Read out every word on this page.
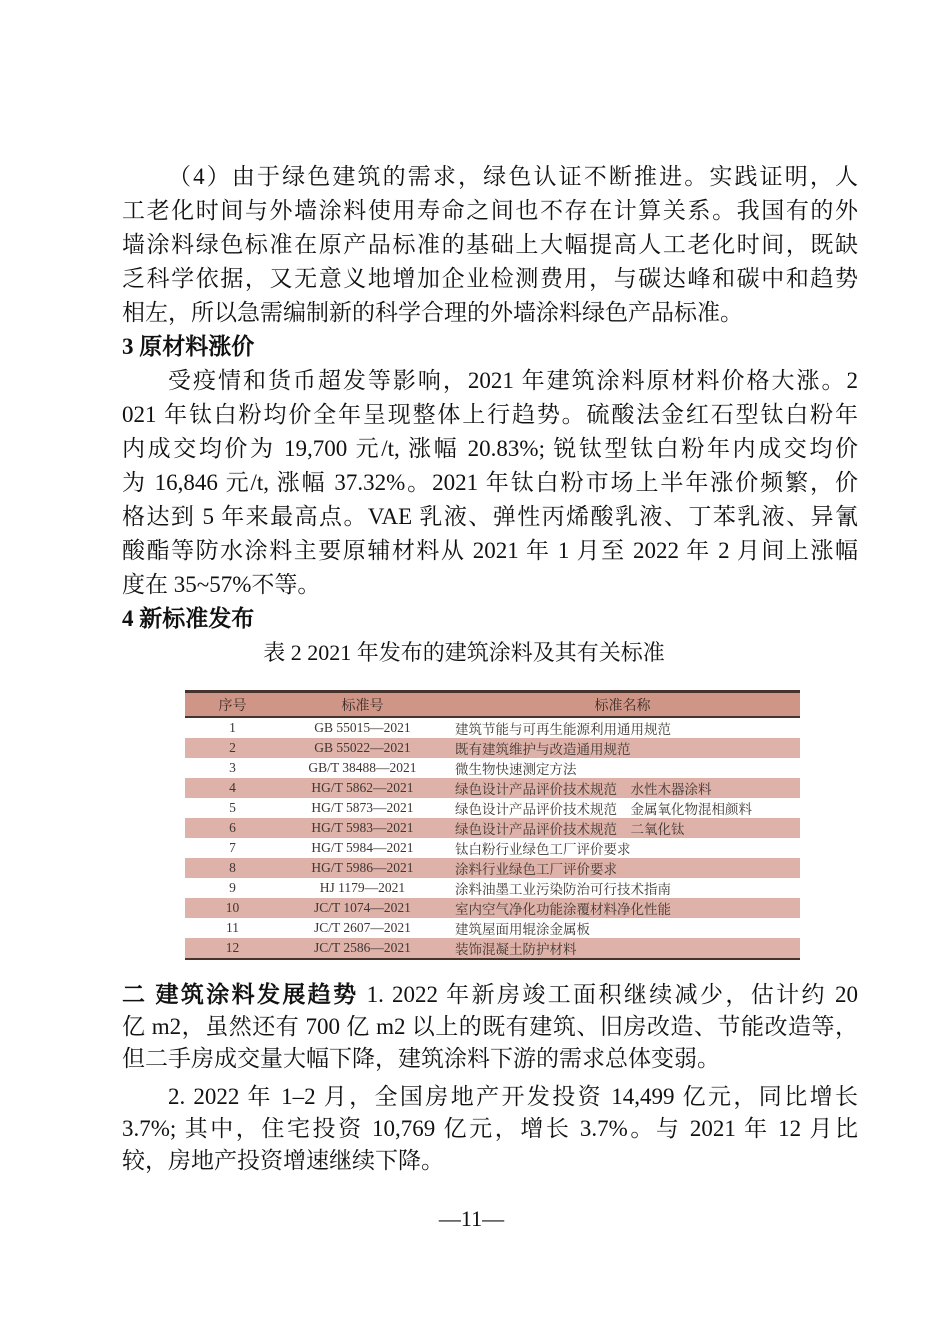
（4）由于绿色建筑的需求，绿色认证不断推进。实践证明，人
工老化时间与外墙涂料使用寿命之间也不存在计算关系。我国有的外
墙涂料绿色标准在原产品标准的基础上大幅提高人工老化时间，既缺
乏科学依据，又无意义地增加企业检测费用，与碳达峰和碳中和趋势
相左，所以急需编制新的科学合理的外墙涂料绿色产品标准。
3 原材料涨价
受疫情和货币超发等影响，2021 年建筑涂料原材料价格大涨。2
021 年钛白粉均价全年呈现整体上行趋势。硫酸法金红石型钛白粉年
内成交均价为 19,700 元/t, 涨幅 20.83%; 锐钛型钛白粉年内成交均价
为 16,846 元/t, 涨幅 37.32%。2021 年钛白粉市场上半年涨价频繁，价
格达到 5 年来最高点。VAE 乳液、弹性丙烯酸乳液、丁苯乳液、异氰
酸酯等防水涂料主要原辅材料从 2021 年 1 月至 2022 年 2 月间上涨幅
度在 35~57%不等。
4 新标准发布
表 2 2021 年发布的建筑涂料及其有关标准
序号	标准号	标准名称
1	GB 55015—2021	建筑节能与可再生能源利用通用规范
2	GB 55022—2021	既有建筑维护与改造通用规范
3	GB/T 38488—2021	微生物快速测定方法
4	HG/T 5862—2021	绿色设计产品评价技术规范　水性木器涂料
5	HG/T 5873—2021	绿色设计产品评价技术规范　金属氧化物混相颜料
6	HG/T 5983—2021	绿色设计产品评价技术规范　二氧化钛
7	HG/T 5984—2021	钛白粉行业绿色工厂评价要求
8	HG/T 5986—2021	涂料行业绿色工厂评价要求
9	HJ 1179—2021	涂料油墨工业污染防治可行技术指南
10	JC/T 1074—2021	室内空气净化功能涂覆材料净化性能
11	JC/T 2607—2021	建筑屋面用辊涂金属板
12	JC/T 2586—2021	装饰混凝土防护材料
二 建筑涂料发展趋势 1. 2022 年新房竣工面积继续减少，估计约 20
亿 m2，虽然还有 700 亿 m2 以上的既有建筑、旧房改造、节能改造等，
但二手房成交量大幅下降，建筑涂料下游的需求总体变弱。
2. 2022 年 1–2 月，全国房地产开发投资 14,499 亿元，同比增长
3.7%; 其中，住宅投资 10,769 亿元，增长 3.7%。与 2021 年 12 月比
较，房地产投资增速继续下降。
—11—
